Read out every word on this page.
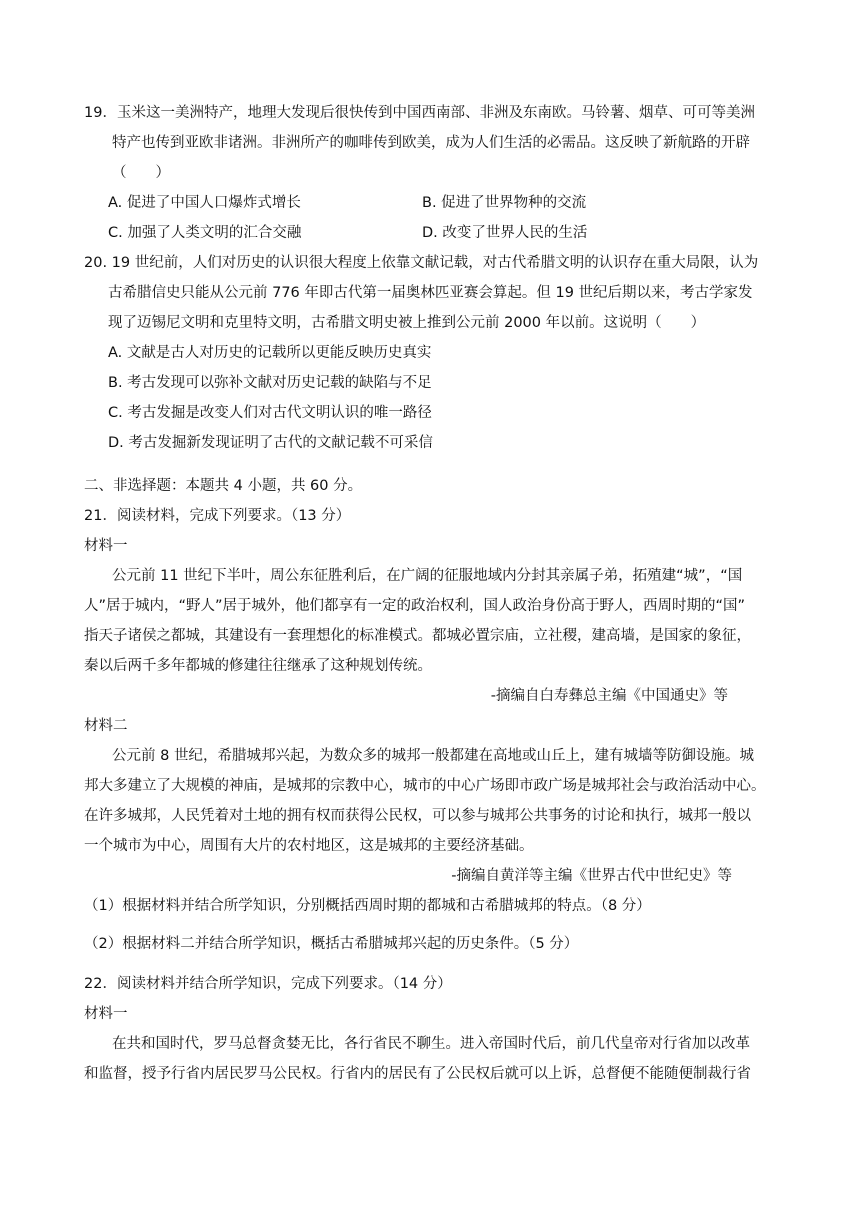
19．玉米这一美洲特产，地理大发现后很快传到中国西南部、非洲及东南欧。马铃薯、烟草、可可等美洲
特产也传到亚欧非诸洲。非洲所产的咖啡传到欧美，成为人们生活的必需品。这反映了新航路的开辟
（　　）
A. 促进了中国人口爆炸式增长	B. 促进了世界物种的交流
C. 加强了人类文明的汇合交融	D. 改变了世界人民的生活
20. 19 世纪前，人们对历史的认识很大程度上依靠文献记载，对古代希腊文明的认识存在重大局限，认为
古希腊信史只能从公元前 776 年即古代第一届奥林匹亚赛会算起。但 19 世纪后期以来，考古学家发
现了迈锡尼文明和克里特文明，古希腊文明史被上推到公元前 2000 年以前。这说明（　　）
A. 文献是古人对历史的记载所以更能反映历史真实
B. 考古发现可以弥补文献对历史记载的缺陷与不足
C. 考古发掘是改变人们对古代文明认识的唯一路径
D. 考古发掘新发现证明了古代的文献记载不可采信
二、非选择题：本题共 4 小题，共 60 分。
21．阅读材料，完成下列要求。（13 分）
材料一
公元前 11 世纪下半叶，周公东征胜利后，在广阔的征服地域内分封其亲属子弟，拓殖建“城”，“国
人”居于城内，“野人”居于城外，他们都享有一定的政治权利，国人政治身份高于野人，西周时期的“国”
指天子诸侯之都城，其建设有一套理想化的标准模式。都城必置宗庙，立社稷，建高墙，是国家的象征，
秦以后两千多年都城的修建往往继承了这种规划传统。
-摘编自白寿彝总主编《中国通史》等
材料二
公元前 8 世纪，希腊城邦兴起，为数众多的城邦一般都建在高地或山丘上，建有城墙等防御设施。城
邦大多建立了大规模的神庙，是城邦的宗教中心，城市的中心广场即市政广场是城邦社会与政治活动中心。
在许多城邦，人民凭着对土地的拥有权而获得公民权，可以参与城邦公共事务的讨论和执行，城邦一般以
一个城市为中心，周围有大片的农村地区，这是城邦的主要经济基础。
-摘编自黄洋等主编《世界古代中世纪史》等
（1）根据材料并结合所学知识，分别概括西周时期的都城和古希腊城邦的特点。（8 分）
（2）根据材料二并结合所学知识，概括古希腊城邦兴起的历史条件。（5 分）
22．阅读材料并结合所学知识，完成下列要求。（14 分）
材料一
在共和国时代，罗马总督贪婪无比，各行省民不聊生。进入帝国时代后，前几代皇帝对行省加以改革
和监督，授予行省内居民罗马公民权。行省内的居民有了公民权后就可以上诉，总督便不能随便制裁行省
